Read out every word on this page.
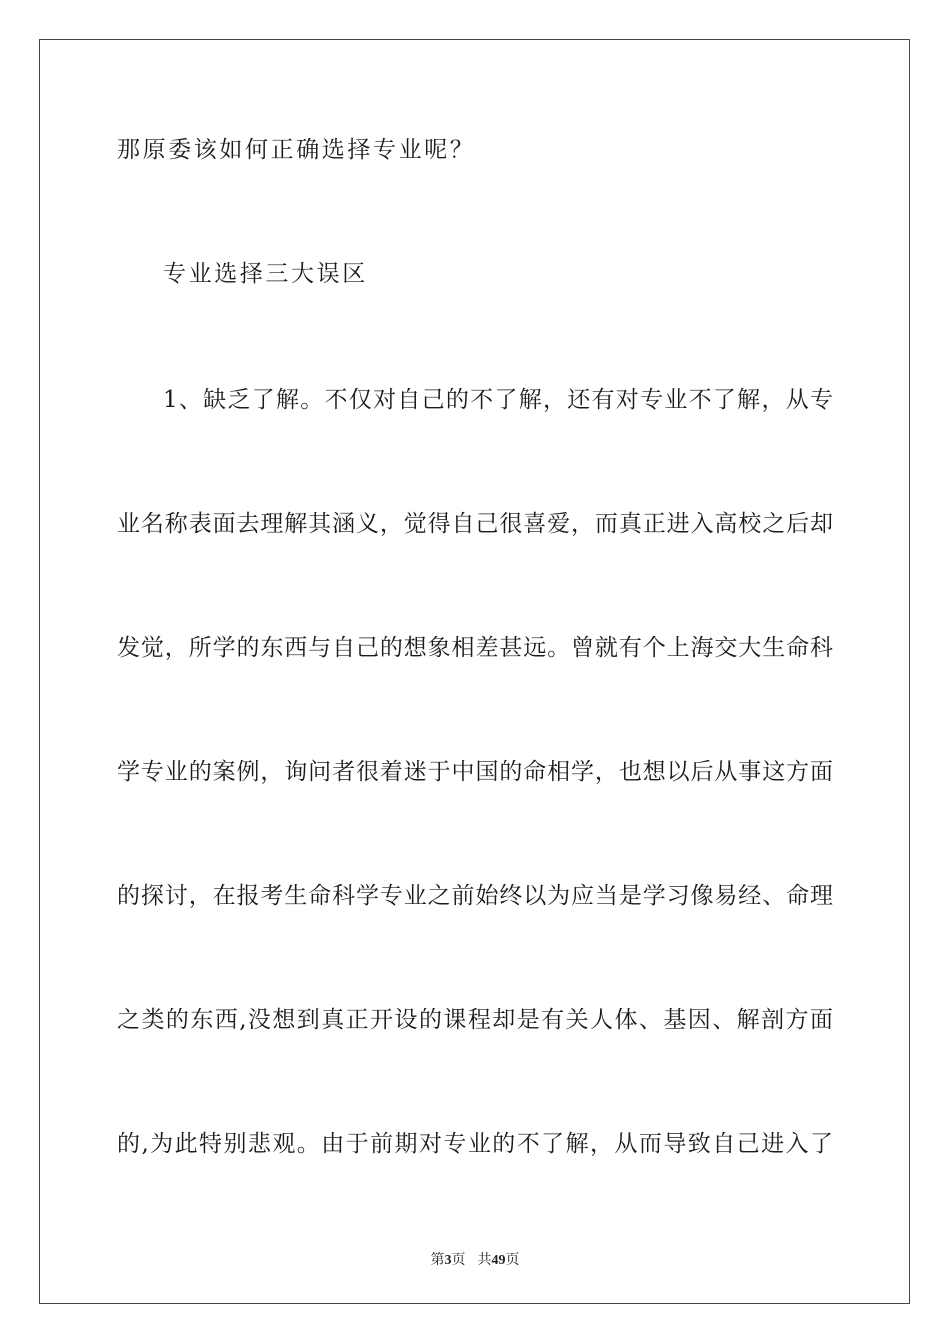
那原委该如何正确选择专业呢？
专业选择三大误区
1、缺乏了解。不仅对自己的不了解，还有对专业不了解，从专
业名称表面去理解其涵义，觉得自己很喜爱，而真正进入高校之后却
发觉，所学的东西与自己的想象相差甚远。曾就有个上海交大生命科
学专业的案例，询问者很着迷于中国的命相学，也想以后从事这方面
的探讨，在报考生命科学专业之前始终以为应当是学习像易经、命理
之类的东西,没想到真正开设的课程却是有关人体、基因、解剖方面
的,为此特别悲观。由于前期对专业的不了解，从而导致自己进入了
第3页 共49页
